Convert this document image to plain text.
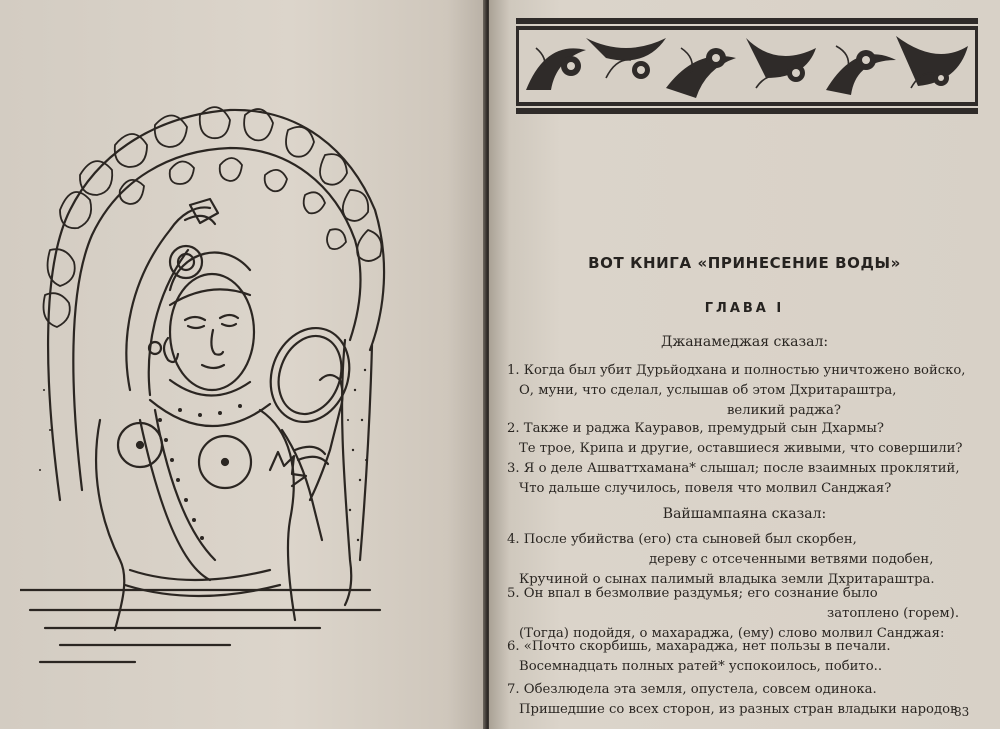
ВОТ КНИГА «ПРИНЕСЕНИЕ ВОДЫ»
ГЛАВА I
Джанамеджая сказал:
1. Когда был убит Дурьйодхана и полностью уничтожено войско,
О, муни, что сделал, услышав об этом Дхритараштра,
великий раджа?
2. Также и раджа Кауравов, премудрый сын Дхармы?
Те трое, Крипа и другие, оставшиеся живыми, что совершили?
3. Я о деле Ашваттхамана* слышал; после взаимных проклятий,
Что дальше случилось, повеля что молвил Санджая?
Вайшампаяна сказал:
4. После убийства (его) ста сыновей был скорбен,
дереву с отсеченными ветвями подобен,
Кручиной о сынах палимый владыка земли Дхритараштра.
5. Он впал в безмолвие раздумья; его сознание было
затоплено (горем).
(Тогда) подойдя, о махараджа, (ему) слово молвил Санджая:
6. «Почто скорбишь, махараджа, нет пользы в печали.
Восемнадцать полных ратей* успокоилось, побито..
7. Обезлюдела эта земля, опустела, совсем одинока.
Пришедшие со всех сторон, из разных стран владыки народов
83
